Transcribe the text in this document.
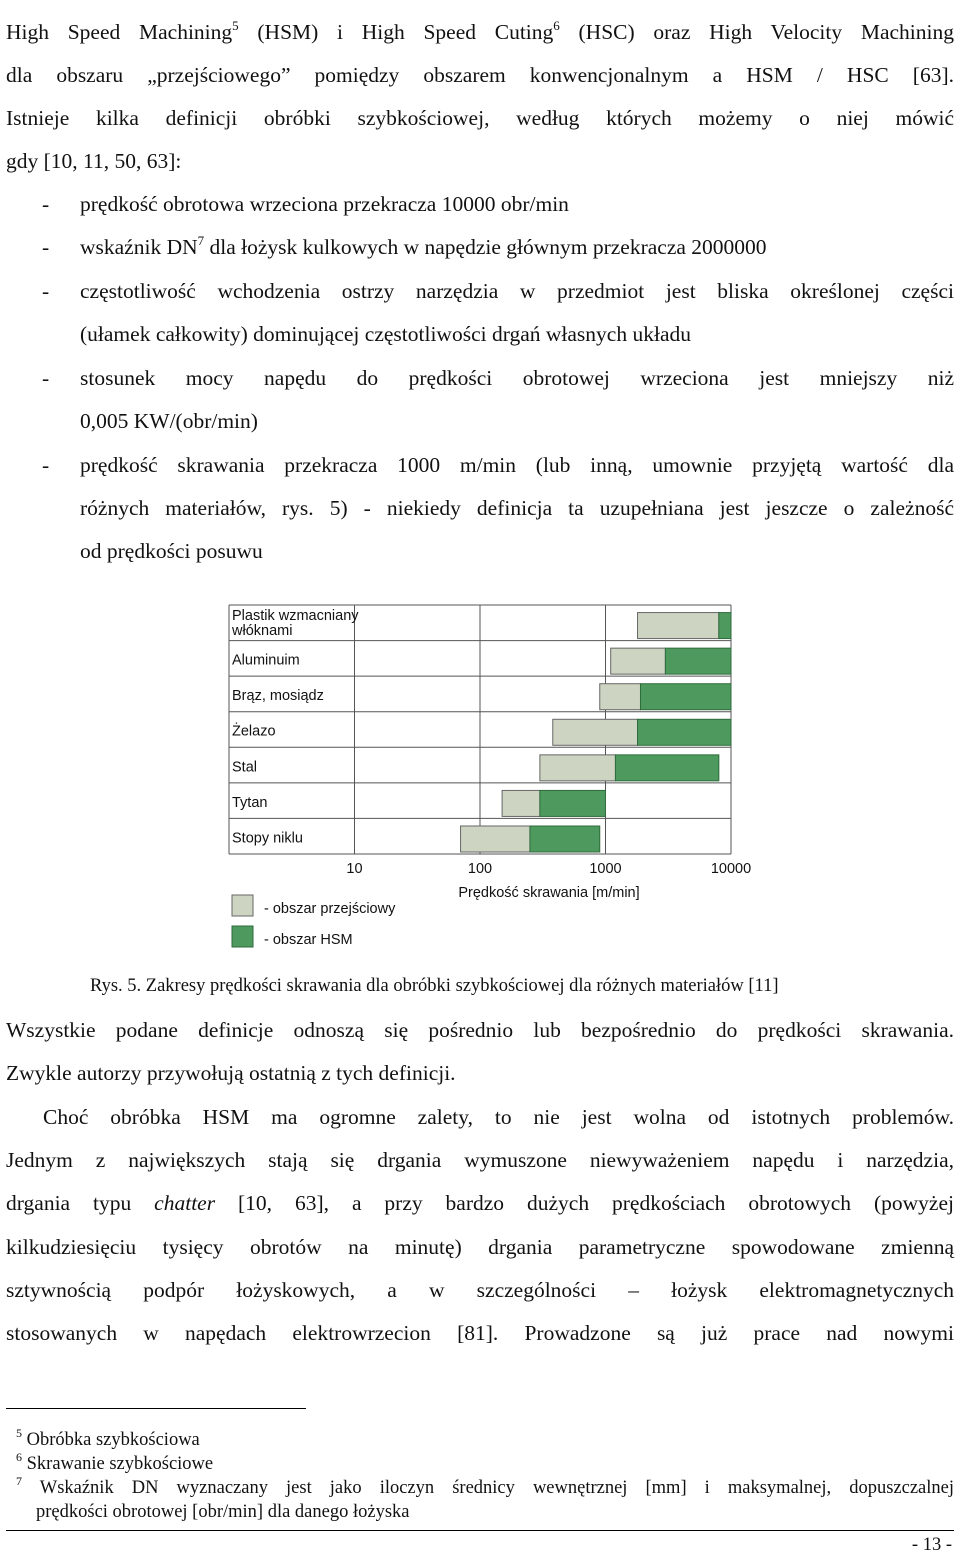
High Speed Machining$^5$ (HSM) i High Speed Cuting$^6$ (HSC) oraz High Velocity Machining
dla obszaru „przejściowego” pomiędzy obszarem konwencjonalnym a HSM / HSC [63].
Istnieje kilka definicji obróbki szybkościowej, według których możemy o niej mówić
gdy [10, 11, 50, 63]:
- prędkość obrotowa wrzeciona przekracza 10000 obr/min
- wskaźnik $DN^7$ dla łożysk kulkowych w napędzie głównym przekracza 2000000
- częstotliwość wchodzenia ostrzy narzędzia w przedmiot jest bliska określonej części
(ułamek całkowity) dominującej częstotliwości drgań własnych układu
- stosunek mocy napędu do prędkości obrotowej wrzeciona jest mniejszy niż
0,005 KW/(obr/min)
- prędkość skrawania przekracza 1000 m/min (lub inną, umownie przyjętą wartość dla
różnych materiałów, rys. 5) - niekiedy definicja ta uzupełniana jest jeszcze o zależność
od prędkości posuwu
Plastik wzmacniany
włóknami
Aluminuim
Brąz, mosiądz
Żelazo
Stal
Tytan
Stopy niklu
10	100	1000	10000
Prędkość skrawania [m/min]
- obszar przejściowy
- obszar HSM
Rys. 5. Zakresy prędkości skrawania dla obróbki szybkościowej dla różnych materiałów [11]
Wszystkie podane definicje odnoszą się pośrednio lub bezpośrednio do prędkości skrawania.
Zwykle autorzy przywołują ostatnią z tych definicji.
Choć obróbka HSM ma ogromne zalety, to nie jest wolna od istotnych problemów.
Jednym z największych stają się drgania wymuszone niewyważeniem napędu i narzędzia,
drgania typu chatter [10, 63], a przy bardzo dużych prędkościach obrotowych (powyżej
kilkudziesięciu tysięcy obrotów na minutę) drgania parametryczne spowodowane zmienną
sztywnością podpór łożyskowych, a w szczególności – łożysk elektromagnetycznych
stosowanych w napędach elektrowrzecion [81]. Prowadzone są już prace nad nowymi
$^5$ Obróbka szybkościowa
$^6$ Skrawanie szybkościowe
$^7$ Wskaźnik DN wyznaczany jest jako iloczyn średnicy wewnętrznej [mm] i maksymalnej, dopuszczalnej
prędkości obrotowej [obr/min] dla danego łożyska
- 13 -
